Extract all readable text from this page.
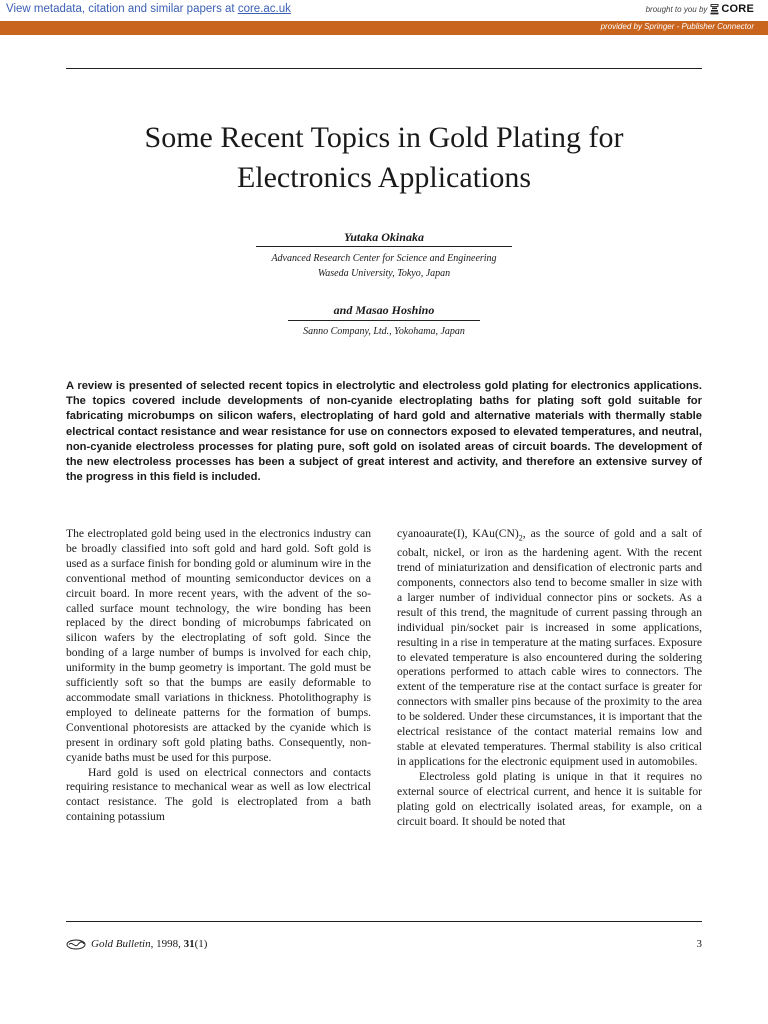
View metadata, citation and similar papers at core.ac.uk	brought to you by CORE
provided by Springer - Publisher Connector
Some Recent Topics in Gold Plating for
Electronics Applications
Yutaka Okinaka
Advanced Research Center for Science and Engineering
Waseda University, Tokyo, Japan
and Masao Hoshino
Sanno Company, Ltd., Yokohama, Japan

A review is presented of selected recent topics in electrolytic and electroless gold plating for electronics applications. The topics covered include developments of non-cyanide electroplating baths for plating soft gold suitable for fabricating microbumps on silicon wafers, electroplating of hard gold and alternative materials with thermally stable electrical contact resistance and wear resistance for use on connectors exposed to elevated temperatures, and neutral, non-cyanide electroless processes for plating pure, soft gold on isolated areas of circuit boards. The development of the new electroless processes has been a subject of great interest and activity, and therefore an extensive survey of the progress in this field is included.

The electroplated gold being used in the electronics industry can be broadly classified into soft gold and hard gold. Soft gold is used as a surface finish for bonding gold or aluminum wire in the conventional method of mounting semiconductor devices on a circuit board. In more recent years, with the advent of the so-called surface mount technology, the wire bonding has been replaced by the direct bonding of microbumps fabricated on silicon wafers by the electroplating of soft gold. Since the bonding of a large number of bumps is involved for each chip, uniformity in the bump geometry is important. The gold must be sufficiently soft so that the bumps are easily deformable to accommodate small variations in thickness. Photolithography is employed to delineate patterns for the formation of bumps. Conventional photoresists are attacked by the cyanide which is present in ordinary soft gold plating baths. Consequently, non-cyanide baths must be used for this purpose.

Hard gold is used on electrical connectors and contacts requiring resistance to mechanical wear as well as low electrical contact resistance. The gold is electroplated from a bath containing potassium

cyanoaurate(I), $KAu(CN)_2$, as the source of gold and a salt of cobalt, nickel, or iron as the hardening agent. With the recent trend of miniaturization and densification of electronic parts and components, connectors also tend to become smaller in size with a larger number of individual connector pins or sockets. As a result of this trend, the magnitude of current passing through an individual pin/socket pair is increased in some applications, resulting in a rise in temperature at the mating surfaces. Exposure to elevated temperature is also encountered during the soldering operations performed to attach cable wires to connectors. The extent of the temperature rise at the contact surface is greater for connectors with smaller pins because of the proximity to the area to be soldered. Under these circumstances, it is important that the electrical resistance of the contact material remains low and stable at elevated temperatures. Thermal stability is also critical in applications for the electronic equipment used in automobiles.

Electroless gold plating is unique in that it requires no external source of electrical current, and hence it is suitable for plating gold on electrically isolated areas, for example, on a circuit board. It should be noted that

Gold Bulletin, 1998, 31(1)	3
